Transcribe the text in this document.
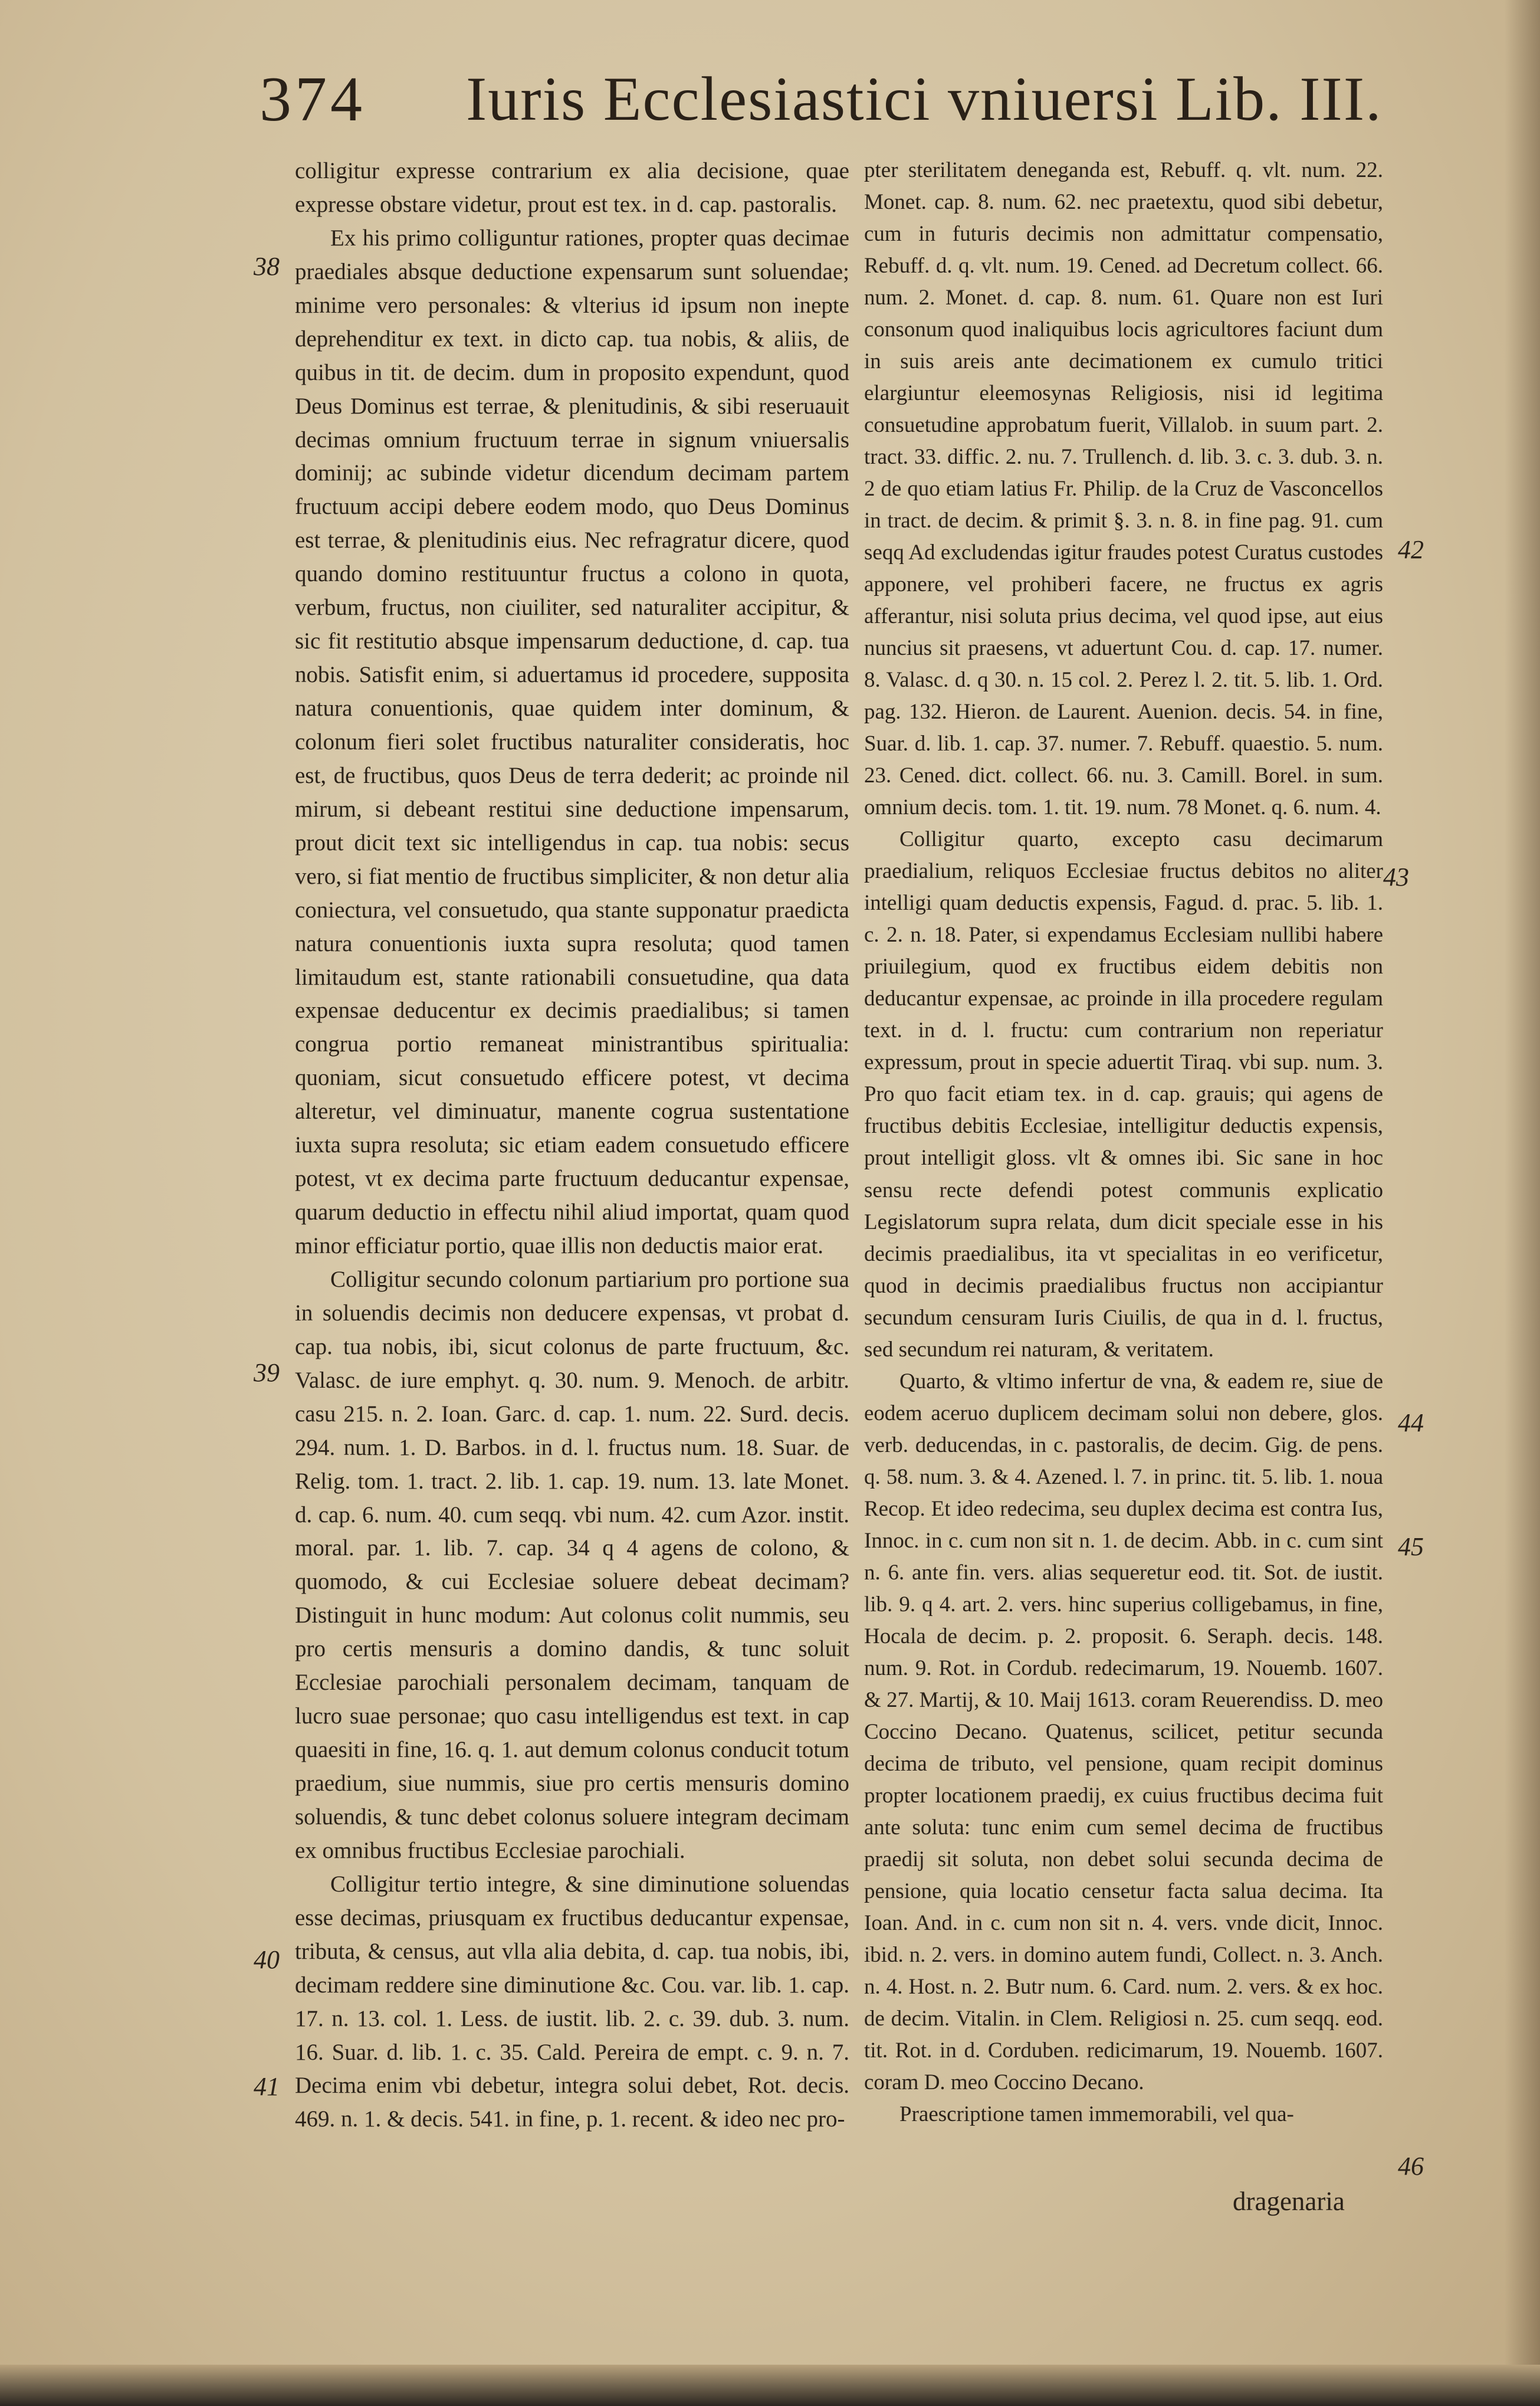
374 Iuris Ecclesiastici vniuersi Lib. III.

colligitur expresse contrarium ex alia decisione, quae expresse obstare videtur, prout est tex. in d. cap. pastoralis.

Ex his primo colliguntur rationes, propter quas decimae praediales absque deductione expensarum sunt soluendae; minime vero personales: & vlterius id ipsum non inepte deprehenditur ex text. in dicto cap. tua nobis, & aliis, de quibus in tit. de decim. dum in proposito expendunt, quod Deus Dominus est terrae, & plenitudinis, & sibi reseruauit decimas omnium fructuum terrae in signum vniuersalis dominij; ac subinde videtur dicendum decimam partem fructuum accipi debere eodem modo, quo Deus Dominus est terrae, & plenitudinis eius. Nec refragratur dicere, quod quando domino restituuntur fructus a colono in quota, verbum, fructus, non ciuiliter, sed naturaliter accipitur, & sic fit restitutio absque impensarum deductione, d. cap. tua nobis. Satisfit enim, si aduertamus id procedere, supposita natura conuentionis, quae quidem inter dominum, & colonum fieri solet fructibus naturaliter consideratis, hoc est, de fructibus, quos Deus de terra dederit; ac proinde nil mirum, si debeant restitui sine deductione impensarum, prout dicit text sic intelligendus in cap. tua nobis: secus vero, si fiat mentio de fructibus simpliciter, & non detur alia coniectura, vel consuetudo, qua stante supponatur praedicta natura conuentionis iuxta supra resoluta; quod tamen limitaudum est, stante rationabili consuetudine, qua data expensae deducentur ex decimis praedialibus; si tamen congrua portio remaneat ministrantibus spiritualia: quoniam, sicut consuetudo efficere potest, vt decima alteretur, vel diminuatur, manente cogrua sustentatione iuxta supra resoluta; sic etiam eadem consuetudo efficere potest, vt ex decima parte fructuum deducantur expensae, quarum deductio in effectu nihil aliud importat, quam quod minor efficiatur portio, quae illis non deductis maior erat.

Colligitur secundo colonum partiarium pro portione sua in soluendis decimis non deducere expensas, vt probat d. cap. tua nobis, ibi, sicut colonus de parte fructuum, &c. Valasc. de iure emphyt. q. 30. num. 9. Menoch. de arbitr. casu 215. n. 2. Ioan. Garc. d. cap. 1. num. 22. Surd. decis. 294. num. 1. D. Barbos. in d. l. fructus num. 18. Suar. de Relig. tom. 1. tract. 2. lib. 1. cap. 19. num. 13. late Monet. d. cap. 6. num. 40. cum seqq. vbi num. 42. cum Azor. instit. moral. par. 1. lib. 7. cap. 34 q 4 agens de colono, & quomodo, & cui Ecclesiae soluere debeat decimam? Distinguit in hunc modum: Aut colonus colit nummis, seu pro certis mensuris a domino dandis, & tunc soluit Ecclesiae parochiali personalem decimam, tanquam de lucro suae personae; quo casu intelligendus est text. in cap quaesiti in fine, 16. q. 1. aut demum colonus conducit totum praedium, siue nummis, siue pro certis mensuris domino soluendis, & tunc debet colonus soluere integram decimam ex omnibus fructibus Ecclesiae parochiali.

Colligitur tertio integre, & sine diminutione soluendas esse decimas, priusquam ex fructibus deducantur expensae, tributa, & census, aut vlla alia debita, d. cap. tua nobis, ibi, decimam reddere sine diminutione &c. Cou. var. lib. 1. cap. 17. n. 13. col. 1. Less. de iustit. lib. 2. c. 39. dub. 3. num. 16. Suar. d. lib. 1. c. 35. Cald. Pereira de empt. c. 9. n. 7. Decima enim vbi debetur, integra solui debet, Rot. decis. 469. n. 1. & decis. 541. in fine, p. 1. recent. & ideo nec pro-

38
39
40
41

pter sterilitatem deneganda est, Rebuff. q. vlt. num. 22. Monet. cap. 8. num. 62. nec praetextu, quod sibi debetur, cum in futuris decimis non admittatur compensatio, Rebuff. d. q. vlt. num. 19. Cened. ad Decretum collect. 66. num. 2. Monet. d. cap. 8. num. 61. Quare non est Iuri consonum quod inaliquibus locis agricultores faciunt dum in suis areis ante decimationem ex cumulo tritici elargiuntur eleemosynas Religiosis, nisi id legitima consuetudine approbatum fuerit, Villalob. in suum part. 2. tract. 33. diffic. 2. nu. 7. Trullench. d. lib. 3. c. 3. dub. 3. n. 2 de quo etiam latius Fr. Philip. de la Cruz de Vasconcellos in tract. de decim. & primit §. 3. n. 8. in fine pag. 91. cum seqq Ad excludendas igitur fraudes potest Curatus custodes apponere, vel prohiberi facere, ne fructus ex agris afferantur, nisi soluta prius decima, vel quod ipse, aut eius nuncius sit praesens, vt aduertunt Cou. d. cap. 17. numer. 8. Valasc. d. q 30. n. 15 col. 2. Perez l. 2. tit. 5. lib. 1. Ord. pag. 132. Hieron. de Laurent. Auenion. decis. 54. in fine, Suar. d. lib. 1. cap. 37. numer. 7. Rebuff. quaestio. 5. num. 23. Cened. dict. collect. 66. nu. 3. Camill. Borel. in sum. omnium decis. tom. 1. tit. 19. num. 78 Monet. q. 6. num. 4.

Colligitur quarto, excepto casu decimarum praedialium, reliquos Ecclesiae fructus debitos no aliter intelligi quam deductis expensis, Fagud. d. prac. 5. lib. 1. c. 2. n. 18. Pater, si expendamus Ecclesiam nullibi habere priuilegium, quod ex fructibus eidem debitis non deducantur expensae, ac proinde in illa procedere regulam text. in d. l. fructu: cum contrarium non reperiatur expressum, prout in specie aduertit Tiraq. vbi sup. num. 3. Pro quo facit etiam tex. in d. cap. grauis; qui agens de fructibus debitis Ecclesiae, intelligitur deductis expensis, prout intelligit gloss. vlt & omnes ibi. Sic sane in hoc sensu recte defendi potest communis explicatio Legislatorum supra relata, dum dicit speciale esse in his decimis praedialibus, ita vt specialitas in eo verificetur, quod in decimis praedialibus fructus non accipiantur secundum censuram Iuris Ciuilis, de qua in d. l. fructus, sed secundum rei naturam, & veritatem.

Quarto, & vltimo infertur de vna, & eadem re, siue de eodem aceruo duplicem decimam solui non debere, glos. verb. deducendas, in c. pastoralis, de decim. Gig. de pens. q. 58. num. 3. & 4. Azened. l. 7. in princ. tit. 5. lib. 1. noua Recop. Et ideo redecima, seu duplex decima est contra Ius, Innoc. in c. cum non sit n. 1. de decim. Abb. in c. cum sint n. 6. ante fin. vers. alias sequeretur eod. tit. Sot. de iustit. lib. 9. q 4. art. 2. vers. hinc superius colligebamus, in fine, Hocala de decim. p. 2. proposit. 6. Seraph. decis. 148. num. 9. Rot. in Cordub. redecimarum, 19. Nouemb. 1607. & 27. Martij, & 10. Maij 1613. coram Reuerendiss. D. meo Coccino Decano. Quatenus, scilicet, petitur secunda decima de tributo, vel pensione, quam recipit dominus propter locationem praedij, ex cuius fructibus decima fuit ante soluta: tunc enim cum semel decima de fructibus praedij sit soluta, non debet solui secunda decima de pensione, quia locatio censetur facta salua decima. Ita Ioan. And. in c. cum non sit n. 4. vers. vnde dicit, Innoc. ibid. n. 2. vers. in domino autem fundi, Collect. n. 3. Anch. n. 4. Host. n. 2. Butr num. 6. Card. num. 2. vers. & ex hoc. de decim. Vitalin. in Clem. Religiosi n. 25. cum seqq. eod. tit. Rot. in d. Corduben. redicimarum, 19. Nouemb. 1607. coram D. meo Coccino Decano.

Praescriptione tamen immemorabili, vel qua-

42
43
44
45
46
dragenaria
